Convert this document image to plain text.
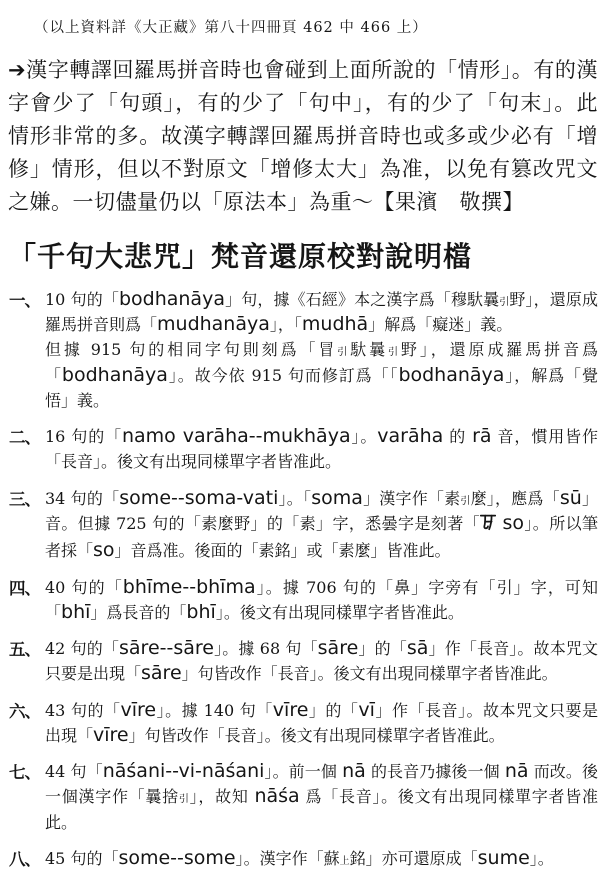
（以上資料詳《大正藏》第八十四冊頁 462 中 466 上）

➔漢字轉譯回羅馬拼音時也會碰到上面所說的「情形」。有的漢字會少了「句頭」，有的少了「句中」，有的少了「句末」。此情形非常的多。故漢字轉譯回羅馬拼音時也或多或少必有「增修」情形，但以不對原文「增修太大」為准，以免有篡改咒文之嫌。一切儘量仍以「原法本」為重～【果濱　敬撰】

「千句大悲咒」梵音還原校對說明檔
一、 10 句的「bodhanāya」句，據《石經》本之漢字爲「穆馱曩引野」，還原成羅馬拼音則爲「mudhanāya」，「mudhā」解爲「癡迷」義。
但據 915 句的相同字句則刻爲「冒引馱曩引野」，還原成羅馬拼音爲「bodhanāya」。故今依 915 句而修訂爲「「bodhanāya」，解爲「覺悟」義。
二、 16 句的「namo varāha--mukhāya」。varāha 的 rā 音，慣用皆作「長音」。後文有出現同樣單字者皆准此。
三、 34 句的「some--soma-vati」。「soma」漢字作「素引麼」，應爲「sū」音。但據 725 句的「素麼野」的「素」字，悉曇字是刻著「 so」。所以筆者採「so」音爲准。後面的「素銘」或「素麼」皆准此。
四、 40 句的「bhīme--bhīma」。據 706 句的「鼻」字旁有「引」字，可知「bhī」爲長音的「bhī」。後文有出現同樣單字者皆准此。
五、 42 句的「sāre--sāre」。據 68 句「sāre」的「sā」作「長音」。故本咒文只要是出現「sāre」句皆改作「長音」。後文有出現同樣單字者皆准此。
六、 43 句的「vīre」。據 140 句「vīre」的「vī」作「長音」。故本咒文只要是出現「vīre」句皆改作「長音」。後文有出現同樣單字者皆准此。
七、 44 句「nāśani--vi-nāśani」。前一個 nā 的長音乃據後一個 nā 而改。後一個漢字作「曩捨引」，故知 nāśa 爲「長音」。後文有出現同樣單字者皆准此。
八、 45 句的「some--some」。漢字作「蘇上銘」亦可還原成「sume」。
